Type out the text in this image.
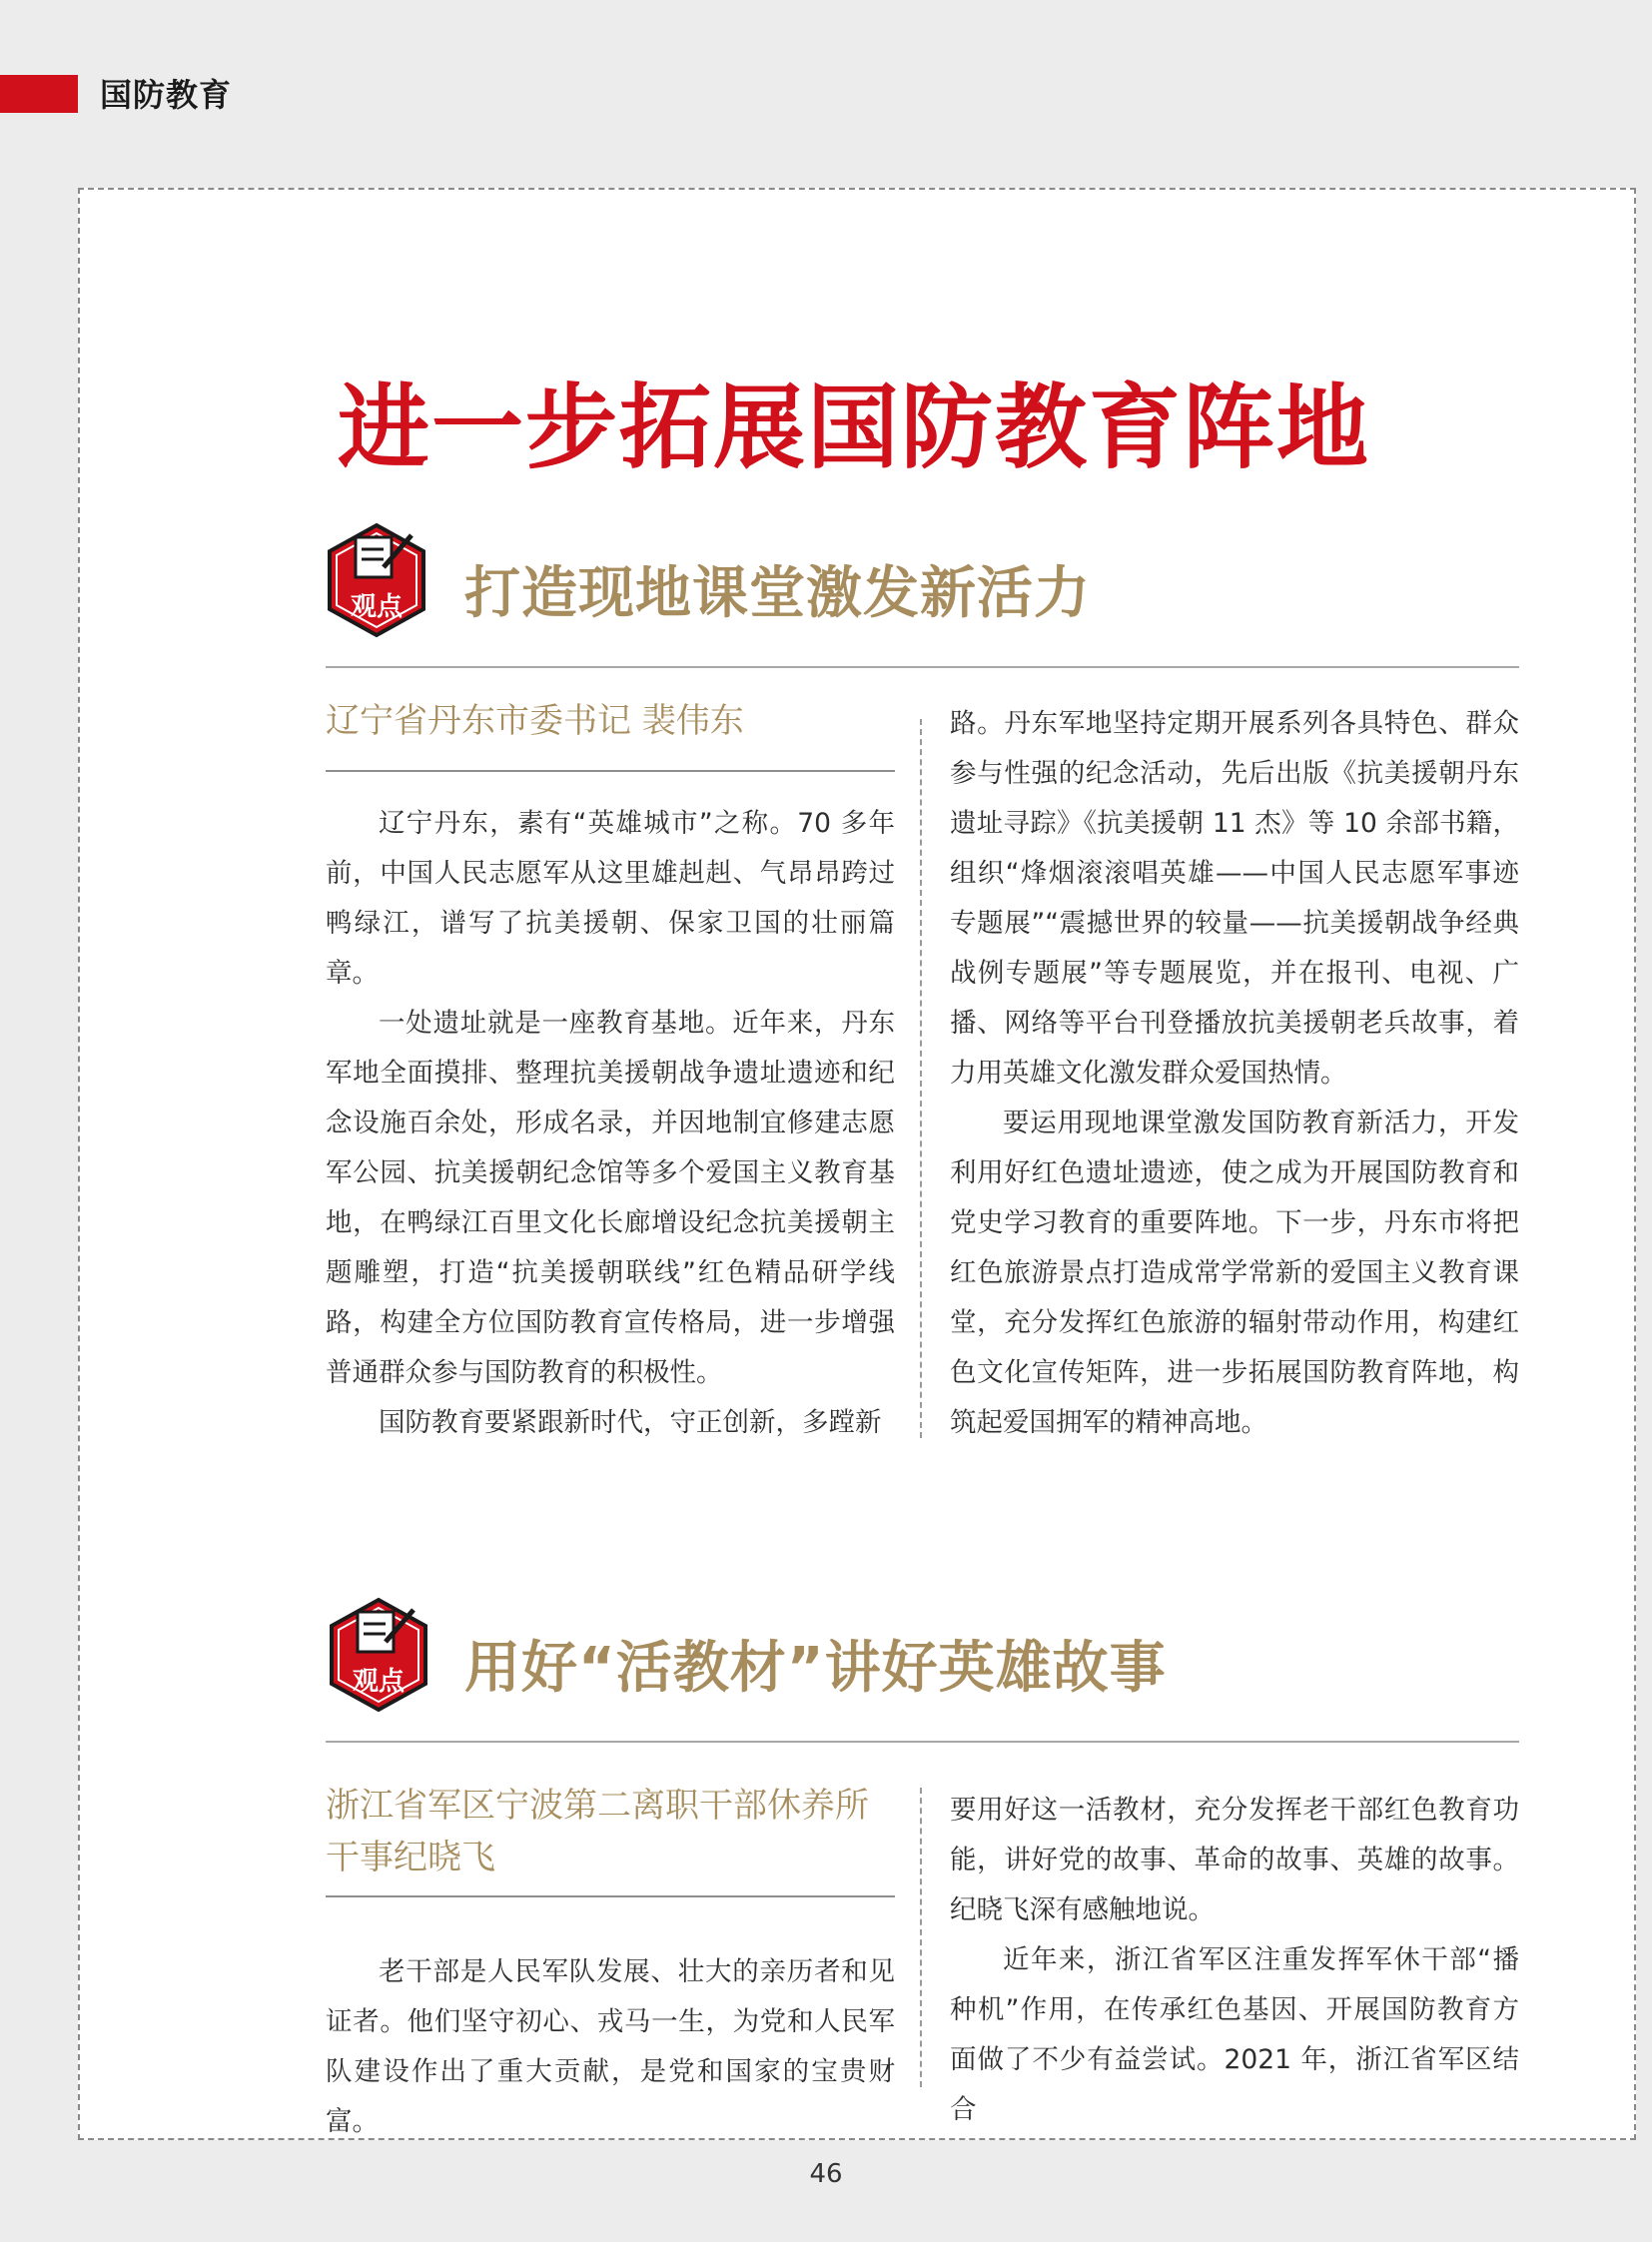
国防教育
进一步拓展国防教育阵地
观点 打造现地课堂激发新活力
辽宁省丹东市委书记 裴伟东

辽宁丹东，素有“英雄城市”之称。70 多年前，中国人民志愿军从这里雄赳赳、气昂昂跨过鸭绿江，谱写了抗美援朝、保家卫国的壮丽篇章。

一处遗址就是一座教育基地。近年来，丹东军地全面摸排、整理抗美援朝战争遗址遗迹和纪念设施百余处，形成名录，并因地制宜修建志愿军公园、抗美援朝纪念馆等多个爱国主义教育基地，在鸭绿江百里文化长廊增设纪念抗美援朝主题雕塑，打造“抗美援朝联线”红色精品研学线路，构建全方位国防教育宣传格局，进一步增强普通群众参与国防教育的积极性。

国防教育要紧跟新时代，守正创新，多蹚新

路。丹东军地坚持定期开展系列各具特色、群众参与性强的纪念活动，先后出版《抗美援朝丹东遗址寻踪》《抗美援朝 11 杰》等 10 余部书籍，组织“烽烟滚滚唱英雄——中国人民志愿军事迹专题展”“震撼世界的较量——抗美援朝战争经典战例专题展”等专题展览，并在报刊、电视、广播、网络等平台刊登播放抗美援朝老兵故事，着力用英雄文化激发群众爱国热情。

要运用现地课堂激发国防教育新活力，开发利用好红色遗址遗迹，使之成为开展国防教育和党史学习教育的重要阵地。下一步，丹东市将把红色旅游景点打造成常学常新的爱国主义教育课堂，充分发挥红色旅游的辐射带动作用，构建红色文化宣传矩阵，进一步拓展国防教育阵地，构筑起爱国拥军的精神高地。

观点 用好“活教材”讲好英雄故事
浙江省军区宁波第二离职干部休养所干事纪晓飞

老干部是人民军队发展、壮大的亲历者和见证者。他们坚守初心、戎马一生，为党和人民军队建设作出了重大贡献，是党和国家的宝贵财富。

要用好这一活教材，充分发挥老干部红色教育功能，讲好党的故事、革命的故事、英雄的故事。纪晓飞深有感触地说。

近年来，浙江省军区注重发挥军休干部“播种机”作用，在传承红色基因、开展国防教育方面做了不少有益尝试。2021 年，浙江省军区结合

46
